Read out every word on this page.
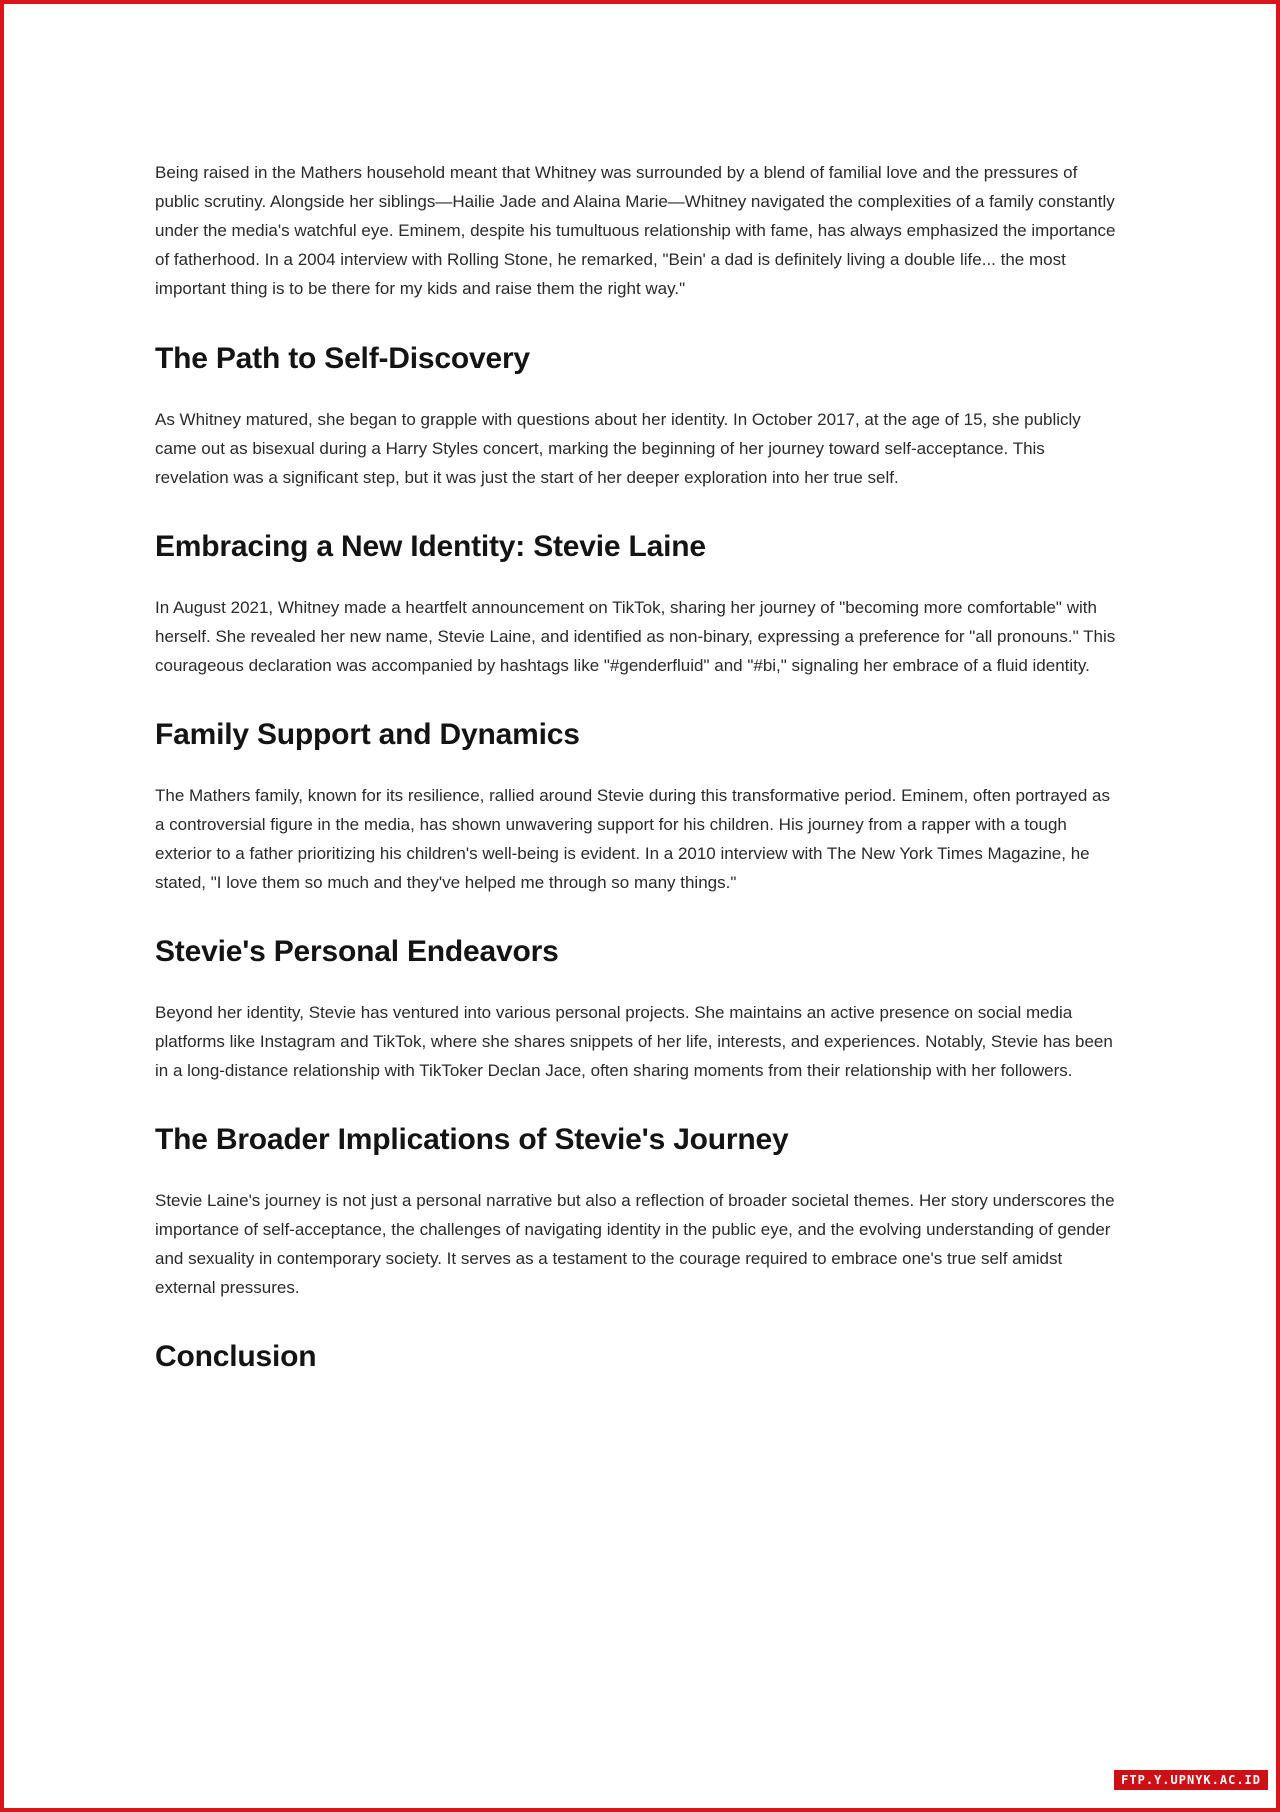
Being raised in the Mathers household meant that Whitney was surrounded by a blend of familial love and the pressures of public scrutiny. Alongside her siblings—Hailie Jade and Alaina Marie—Whitney navigated the complexities of a family constantly under the media's watchful eye. Eminem, despite his tumultuous relationship with fame, has always emphasized the importance of fatherhood. In a 2004 interview with Rolling Stone, he remarked, "Bein' a dad is definitely living a double life... the most important thing is to be there for my kids and raise them the right way."

The Path to Self-Discovery

As Whitney matured, she began to grapple with questions about her identity. In October 2017, at the age of 15, she publicly came out as bisexual during a Harry Styles concert, marking the beginning of her journey toward self-acceptance. This revelation was a significant step, but it was just the start of her deeper exploration into her true self.

Embracing a New Identity: Stevie Laine

In August 2021, Whitney made a heartfelt announcement on TikTok, sharing her journey of "becoming more comfortable" with herself. She revealed her new name, Stevie Laine, and identified as non-binary, expressing a preference for "all pronouns." This courageous declaration was accompanied by hashtags like "#genderfluid" and "#bi," signaling her embrace of a fluid identity.

Family Support and Dynamics

The Mathers family, known for its resilience, rallied around Stevie during this transformative period. Eminem, often portrayed as a controversial figure in the media, has shown unwavering support for his children. His journey from a rapper with a tough exterior to a father prioritizing his children's well-being is evident. In a 2010 interview with The New York Times Magazine, he stated, "I love them so much and they've helped me through so many things."

Stevie's Personal Endeavors

Beyond her identity, Stevie has ventured into various personal projects. She maintains an active presence on social media platforms like Instagram and TikTok, where she shares snippets of her life, interests, and experiences. Notably, Stevie has been in a long-distance relationship with TikToker Declan Jace, often sharing moments from their relationship with her followers.

The Broader Implications of Stevie's Journey

Stevie Laine's journey is not just a personal narrative but also a reflection of broader societal themes. Her story underscores the importance of self-acceptance, the challenges of navigating identity in the public eye, and the evolving understanding of gender and sexuality in contemporary society. It serves as a testament to the courage required to embrace one's true self amidst external pressures.

Conclusion
FTP.Y.UPNYK.AC.ID
